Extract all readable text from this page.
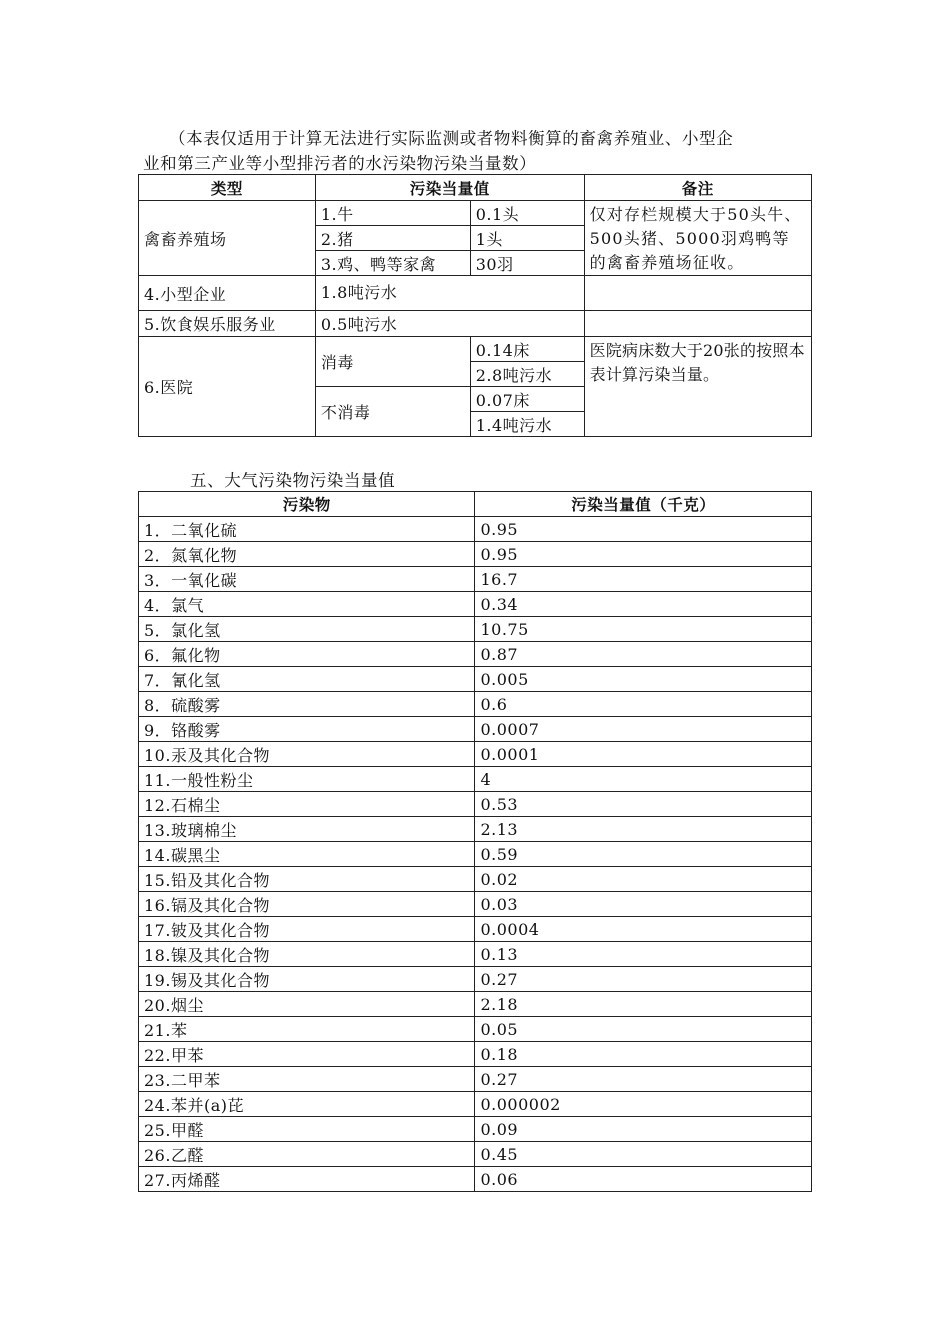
（本表仅适用于计算无法进行实际监测或者物料衡算的畜禽养殖业、小型企
业和第三产业等小型排污者的水污染物污染当量数）
类型	污染当量值		备注
禽畜养殖场	1.牛	0.1头	仅对存栏规模大于50头牛、500头猪、5000羽鸡鸭等的禽畜养殖场征收。
	2.猪	1头	
	3.鸡、鸭等家禽	30羽	
4.小型企业	1.8吨污水		
5.饮食娱乐服务业	0.5吨污水		
6.医院	消毒	0.14床	医院病床数大于20张的按照本表计算污染当量。
		2.8吨污水	
	不消毒	0.07床	
		1.4吨污水	
五、大气污染物污染当量值
污染物	污染当量值（千克）
1．二氧化硫	0.95
2．氮氧化物	0.95
3．一氧化碳	16.7
4．氯气	0.34
5．氯化氢	10.75
6．氟化物	0.87
7．氰化氢	0.005
8．硫酸雾	0.6
9．铬酸雾	0.0007
10.汞及其化合物	0.0001
11.一般性粉尘	4
12.石棉尘	0.53
13.玻璃棉尘	2.13
14.碳黑尘	0.59
15.铅及其化合物	0.02
16.镉及其化合物	0.03
17.铍及其化合物	0.0004
18.镍及其化合物	0.13
19.锡及其化合物	0.27
20.烟尘	2.18
21.苯	0.05
22.甲苯	0.18
23.二甲苯	0.27
24.苯并(a)芘	0.000002
25.甲醛	0.09
26.乙醛	0.45
27.丙烯醛	0.06
